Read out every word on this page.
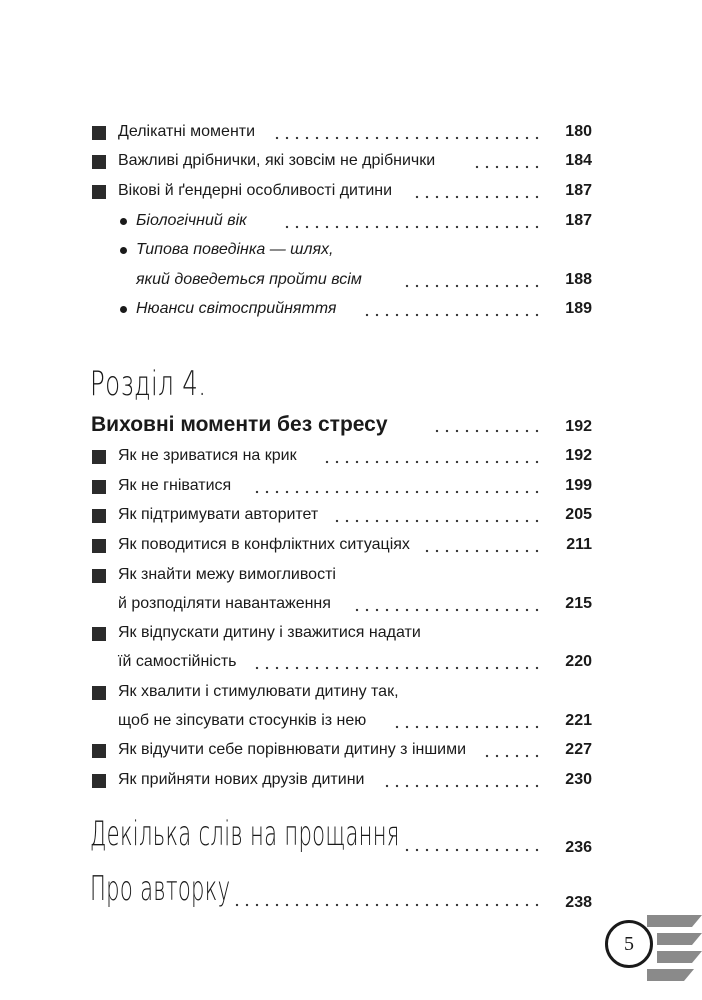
Делікатні моменти	180
Важливі дрібнички, які зовсім не дрібнички	184
Вікові й ґендерні особливості дитини	187
Біологічний вік	187
Типова поведінка — шлях,
який доведеться пройти всім	188
Нюанси світосприйняття	189
Розділ 4.
Виховні моменти без стресу	192
Як не зриватися на крик	192
Як не гніватися	199
Як підтримувати авторитет	205
Як поводитися в конфліктних ситуаціях	211
Як знайти межу вимогливості
й розподіляти навантаження	215
Як відпускати дитину і зважитися надати
їй самостійність	220
Як хвалити і стимулювати дитину так,
щоб не зіпсувати стосунків із нею	221
Як відучити себе порівнювати дитину з іншими	227
Як прийняти нових друзів дитини	230
Декілька слів на прощання	236
Про авторку	238
5
